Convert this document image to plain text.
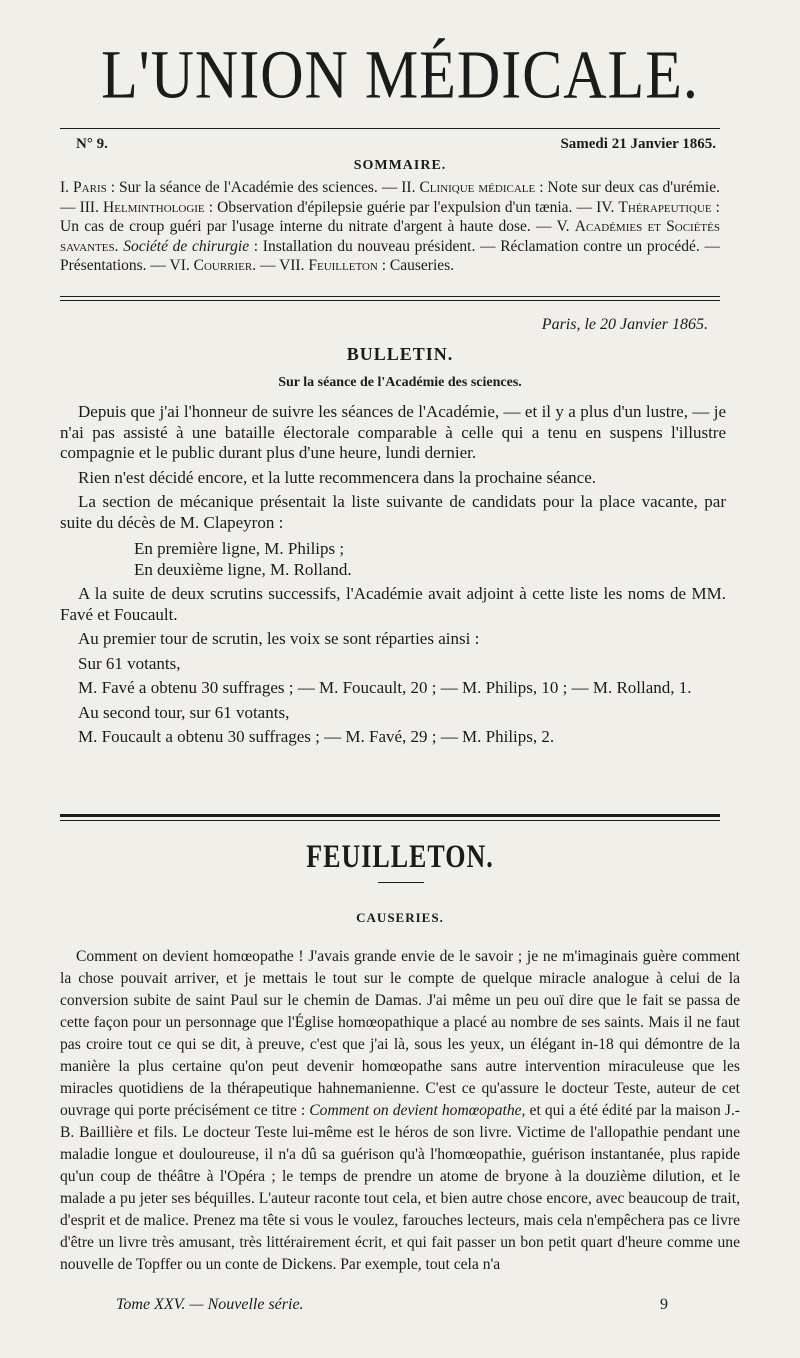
L'UNION MÉDICALE.
N° 9.	Samedi 21 Janvier 1865.
SOMMAIRE.
I. Paris : Sur la séance de l'Académie des sciences. — II. Clinique médicale : Note sur deux cas d'urémie. — III. Helminthologie : Observation d'épilepsie guérie par l'expulsion d'un tænia. — IV. Thérapeutique : Un cas de croup guéri par l'usage interne du nitrate d'argent à haute dose. — V. Académies et Sociétés savantes. Société de chirurgie : Installation du nouveau président. — Réclamation contre un procédé. — Présentations. — VI. Courrier. — VII. Feuilleton : Causeries.
Paris, le 20 Janvier 1865.
BULLETIN.
Sur la séance de l'Académie des sciences.

Depuis que j'ai l'honneur de suivre les séances de l'Académie, — et il y a plus d'un lustre, — je n'ai pas assisté à une bataille électorale comparable à celle qui a tenu en suspens l'illustre compagnie et le public durant plus d'une heure, lundi dernier.

Rien n'est décidé encore, et la lutte recommencera dans la prochaine séance.

La section de mécanique présentait la liste suivante de candidats pour la place vacante, par suite du décès de M. Clapeyron :

En première ligne, M. Philips ;

En deuxième ligne, M. Rolland.

A la suite de deux scrutins successifs, l'Académie avait adjoint à cette liste les noms de MM. Favé et Foucault.

Au premier tour de scrutin, les voix se sont réparties ainsi :

Sur 61 votants,

M. Favé a obtenu 30 suffrages ; — M. Foucault, 20 ; — M. Philips, 10 ; — M. Rolland, 1.

Au second tour, sur 61 votants,

M. Foucault a obtenu 30 suffrages ; — M. Favé, 29 ; — M. Philips, 2.

FEUILLETON.
CAUSERIES.

Comment on devient homœopathe ! J'avais grande envie de le savoir ; je ne m'imaginais guère comment la chose pouvait arriver, et je mettais le tout sur le compte de quelque miracle analogue à celui de la conversion subite de saint Paul sur le chemin de Damas. J'ai même un peu ouï dire que le fait se passa de cette façon pour un personnage que l'Église homœopathique a placé au nombre de ses saints. Mais il ne faut pas croire tout ce qui se dit, à preuve, c'est que j'ai là, sous les yeux, un élégant in-18 qui démontre de la manière la plus certaine qu'on peut devenir homœopathe sans autre intervention miraculeuse que les miracles quotidiens de la thérapeutique hahnemanienne. C'est ce qu'assure le docteur Teste, auteur de cet ouvrage qui porte précisément ce titre : Comment on devient homœopathe, et qui a été édité par la maison J.-B. Baillière et fils. Le docteur Teste lui-même est le héros de son livre. Victime de l'allopathie pendant une maladie longue et douloureuse, il n'a dû sa guérison qu'à l'homœopathie, guérison instantanée, plus rapide qu'un coup de théâtre à l'Opéra ; le temps de prendre un atome de bryone à la douzième dilution, et le malade a pu jeter ses béquilles. L'auteur raconte tout cela, et bien autre chose encore, avec beaucoup de trait, d'esprit et de malice. Prenez ma tête si vous le voulez, farouches lecteurs, mais cela n'empêchera pas ce livre d'être un livre très amusant, très littérairement écrit, et qui fait passer un bon petit quart d'heure comme une nouvelle de Topffer ou un conte de Dickens. Par exemple, tout cela n'a

Tome XXV. — Nouvelle série.	9
